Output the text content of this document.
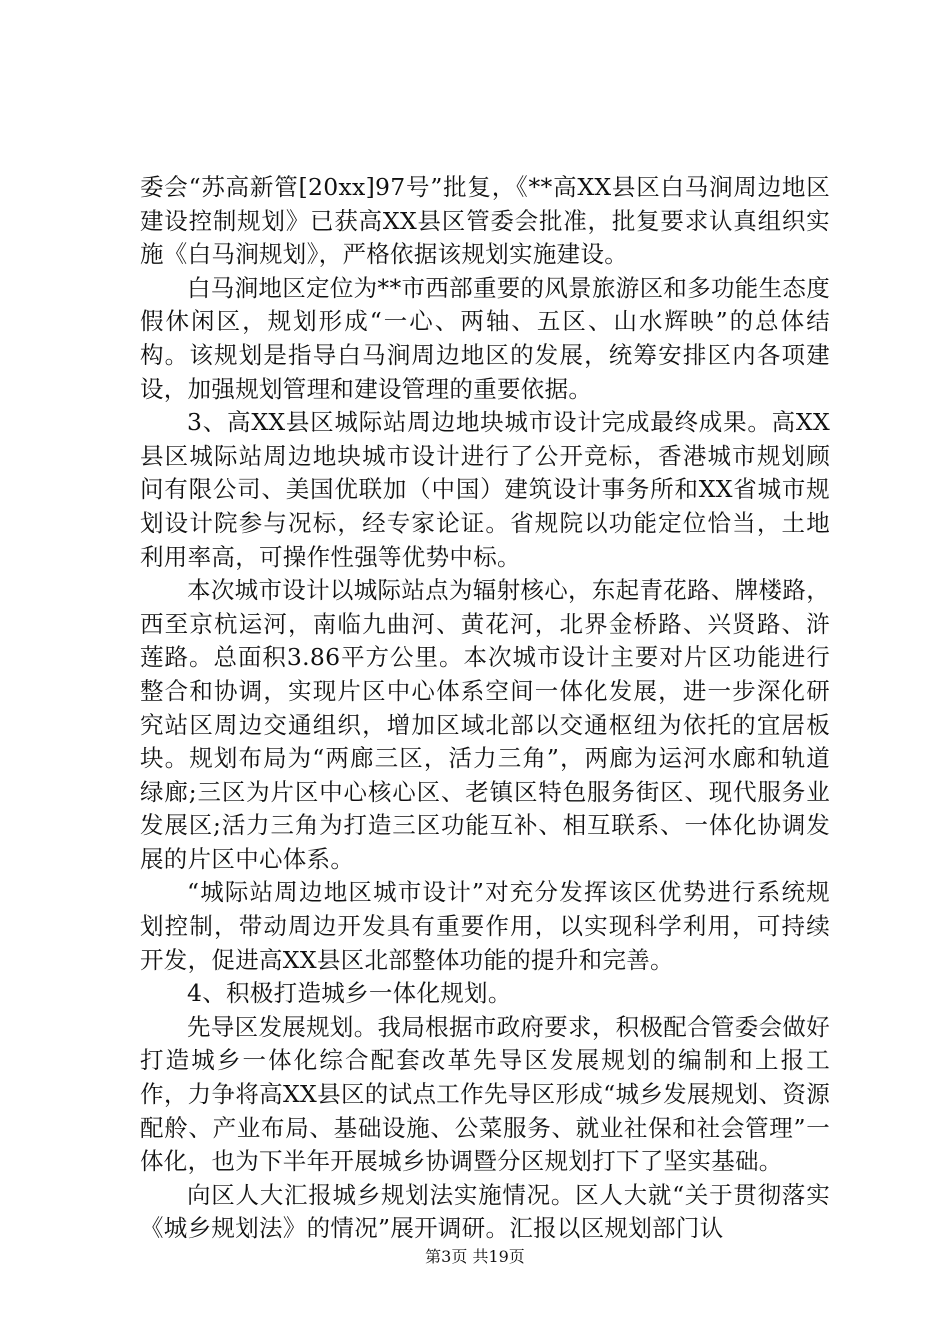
委会“苏高新管[20xx]97号”批复，《**高XX县区白马涧周边地区建设控制规划》已获高XX县区管委会批准，批复要求认真组织实施《白马涧规划》，严格依据该规划实施建设。

白马涧地区定位为**市西部重要的风景旅游区和多功能生态度假休闲区，规划形成“一心、两轴、五区、山水辉映”的总体结构。该规划是指导白马涧周边地区的发展，统筹安排区内各项建设，加强规划管理和建设管理的重要依据。

3、高XX县区城际站周边地块城市设计完成最终成果。高XX县区城际站周边地块城市设计进行了公开竞标，香港城市规划顾问有限公司、美国优联加（中国）建筑设计事务所和XX省城市规划设计院参与况标，经专家论证。省规院以功能定位恰当，土地利用率高，可操作性强等优势中标。

本次城市设计以城际站点为辐射核心，东起青花路、牌楼路，西至京杭运河，南临九曲河、黄花河，北界金桥路、兴贤路、浒莲路。总面积3.86平方公里。本次城市设计主要对片区功能进行整合和协调，实现片区中心体系空间一体化发展，进一步深化研究站区周边交通组织，增加区域北部以交通枢纽为依托的宜居板块。规划布局为“两廊三区，活力三角”，两廊为运河水廊和轨道绿廊;三区为片区中心核心区、老镇区特色服务街区、现代服务业发展区;活力三角为打造三区功能互补、相互联系、一体化协调发展的片区中心体系。

“城际站周边地区城市设计”对充分发挥该区优势进行系统规划控制，带动周边开发具有重要作用，以实现科学利用，可持续开发，促进高XX县区北部整体功能的提升和完善。

4、积极打造城乡一体化规划。

先导区发展规划。我局根据市政府要求，积极配合管委会做好打造城乡一体化综合配套改革先导区发展规划的编制和上报工作，力争将高XX县区的试点工作先导区形成“城乡发展规划、资源配舲、产业布局、基础设施、公菜服务、就业社保和社会管理”一体化，也为下半年开展城乡协调暨分区规划打下了坚实基础。

向区人大汇报城乡规划法实施情况。区人大就“关于贯彻落实《城乡规划法》的情况”展开调研。汇报以区规划部门认

第3页 共19页
